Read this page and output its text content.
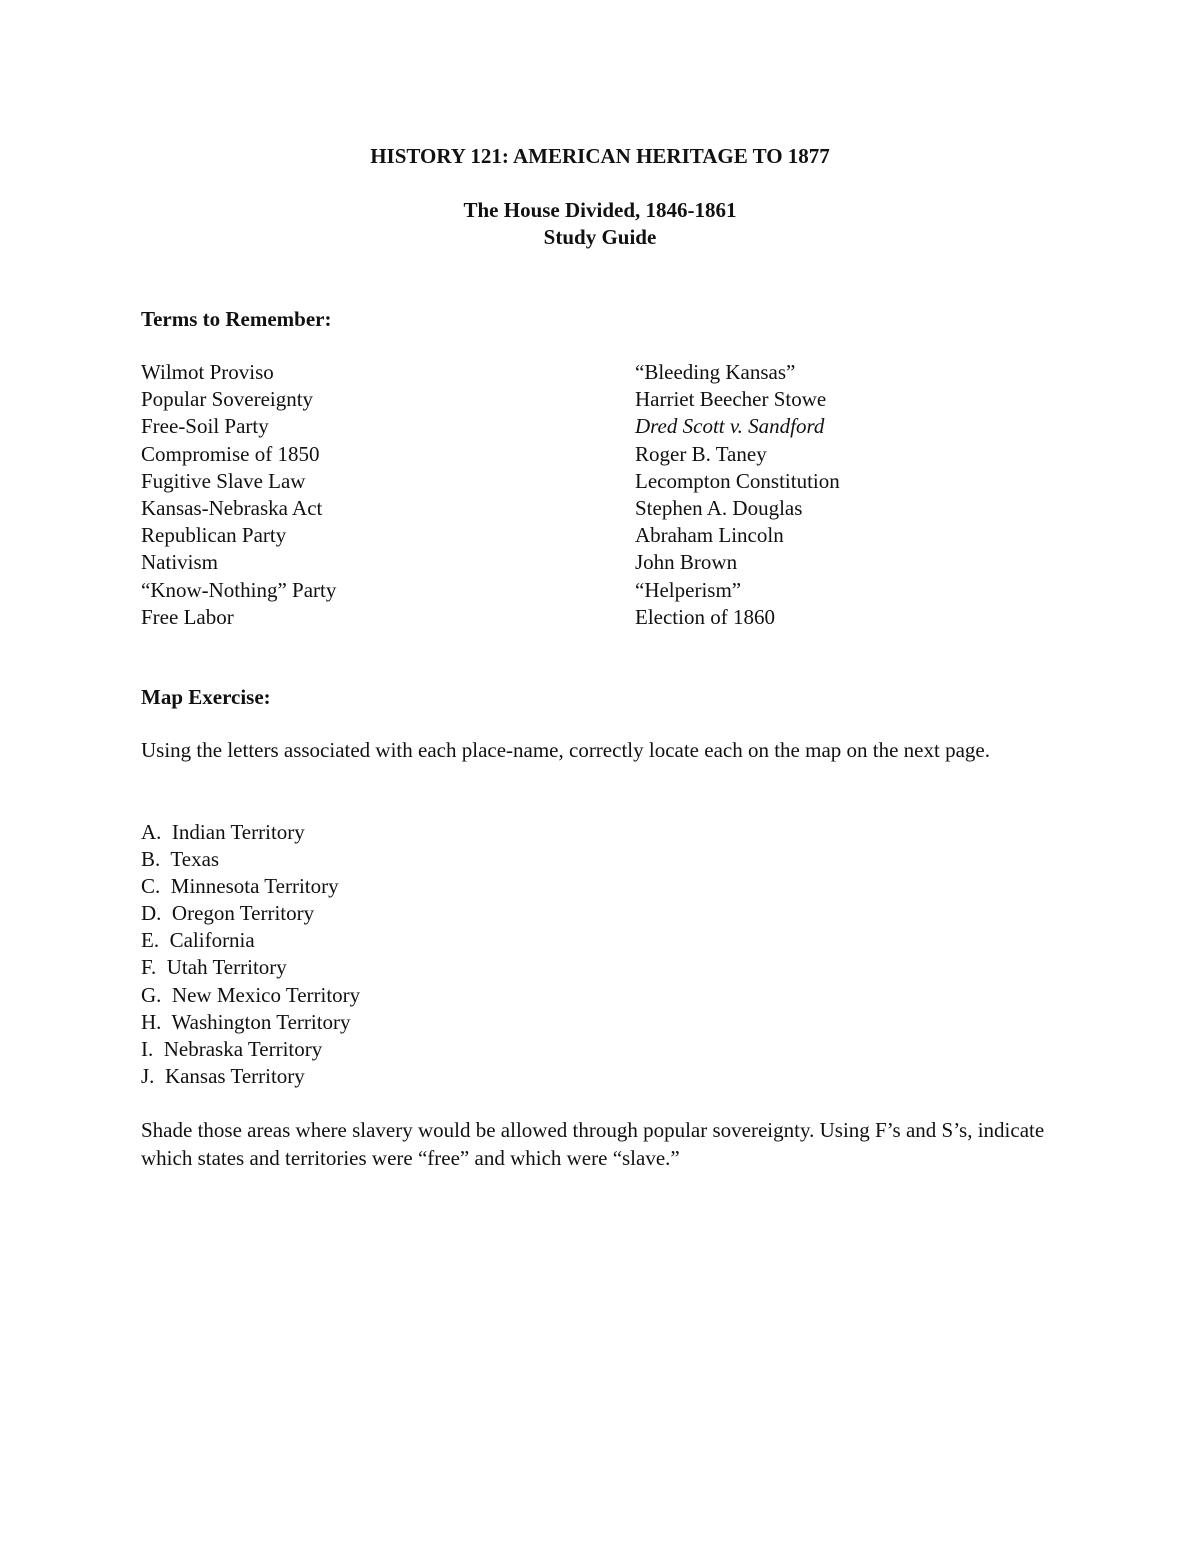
HISTORY 121: AMERICAN HERITAGE TO 1877
The House Divided, 1846-1861
Study Guide
Terms to Remember:
Wilmot Proviso
Popular Sovereignty
Free-Soil Party
Compromise of 1850
Fugitive Slave Law
Kansas-Nebraska Act
Republican Party
Nativism
“Know-Nothing” Party
Free Labor
“Bleeding Kansas”
Harriet Beecher Stowe
Dred Scott v. Sandford
Roger B. Taney
Lecompton Constitution
Stephen A. Douglas
Abraham Lincoln
John Brown
“Helperism”
Election of 1860
Map Exercise:

Using the letters associated with each place-name, correctly locate each on the map on the next page.

A. Indian Territory
B. Texas
C. Minnesota Territory
D. Oregon Territory
E. California
F. Utah Territory
G. New Mexico Territory
H. Washington Territory
I. Nebraska Territory
J. Kansas Territory

Shade those areas where slavery would be allowed through popular sovereignty. Using F’s and S’s, indicate which states and territories were “free” and which were “slave.”
